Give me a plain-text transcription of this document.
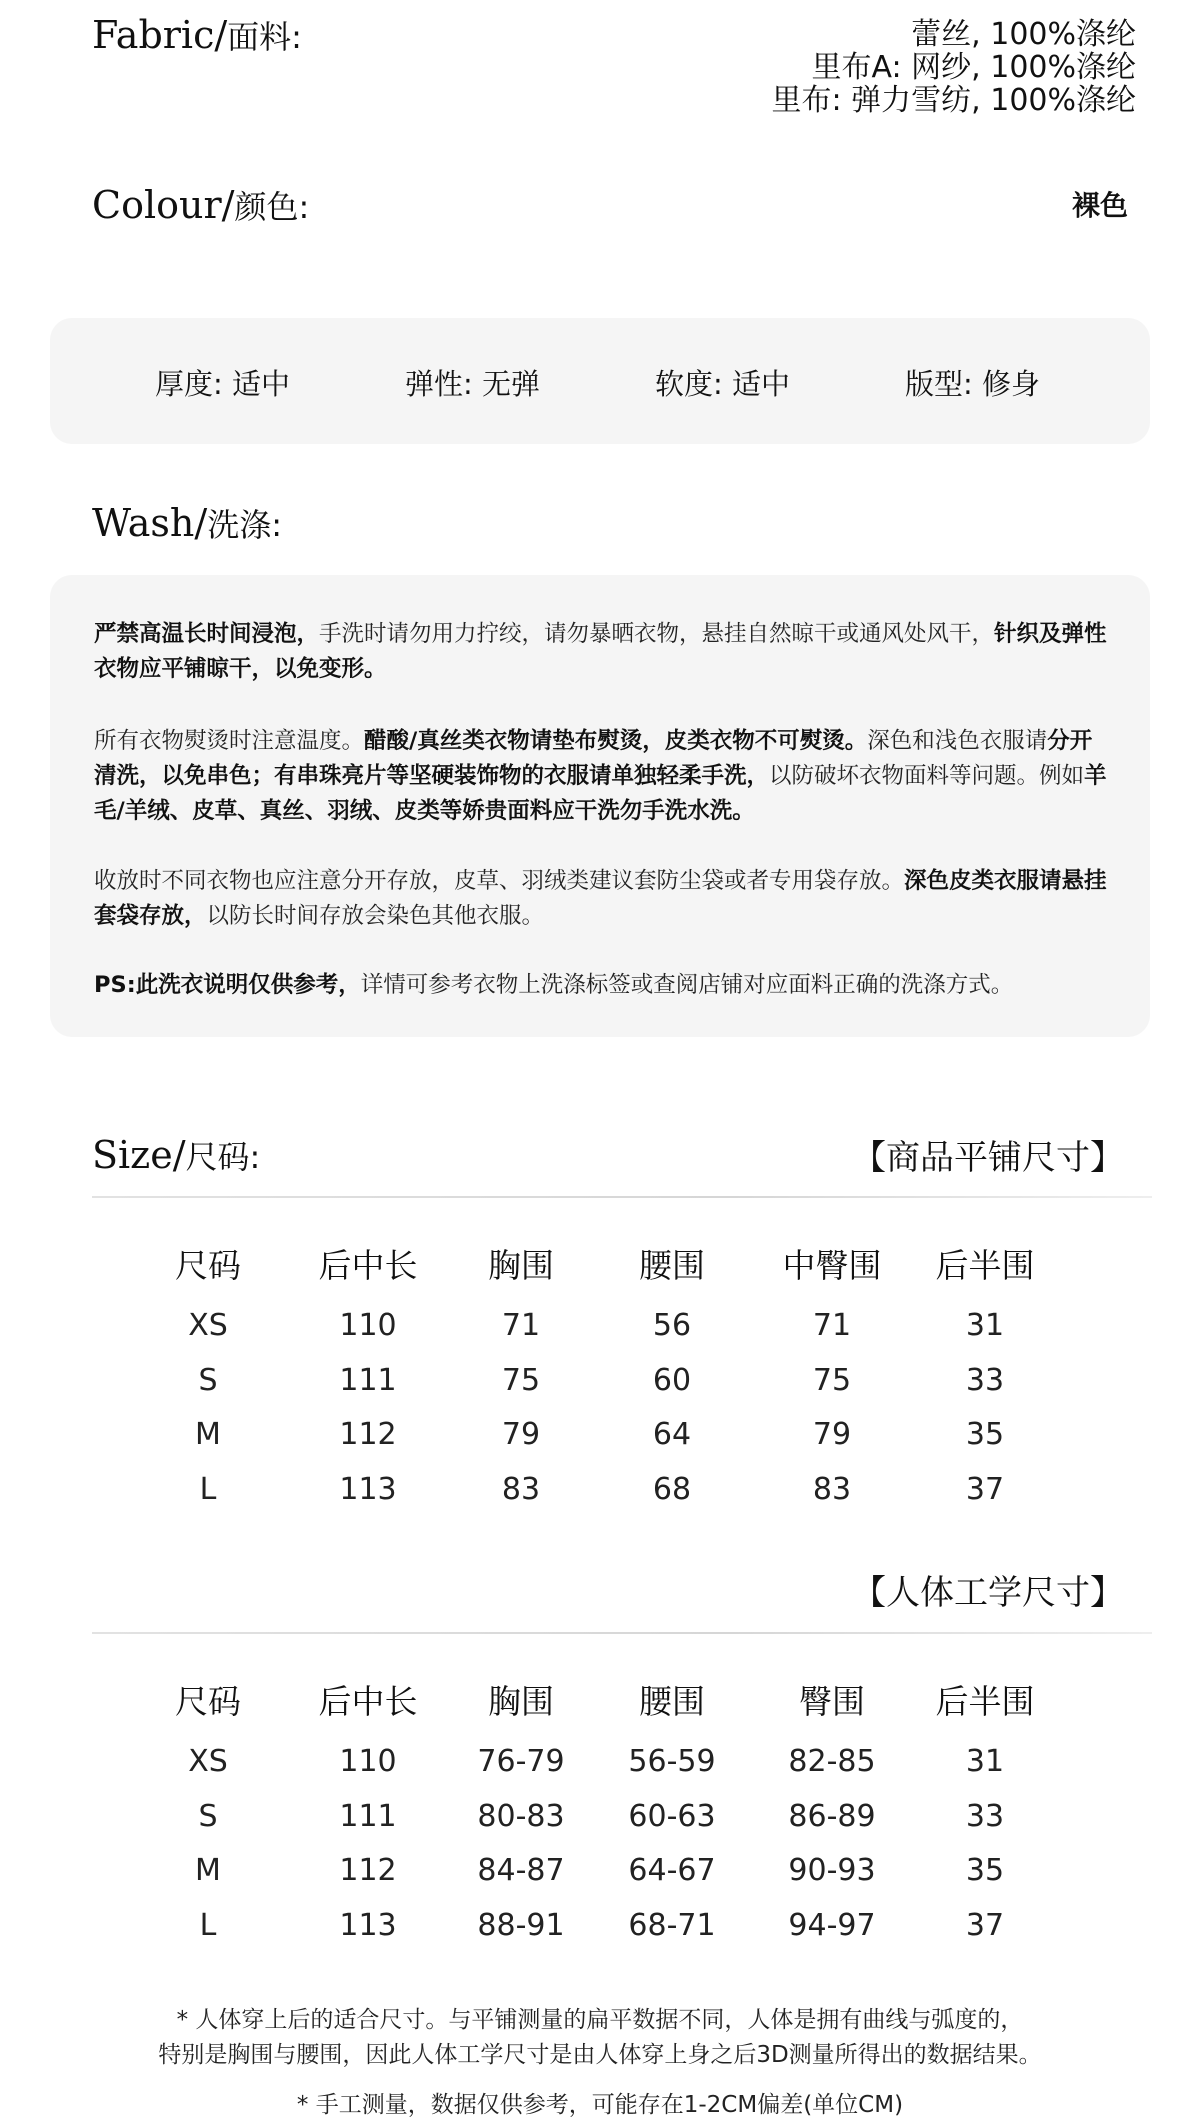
Fabric/面料:	蕾丝, 100%涤纶
里布A: 网纱, 100%涤纶
里布: 弹力雪纺, 100%涤纶
Colour/颜色:	裸色
厚度: 适中	弹性: 无弹	软度: 适中	版型: 修身
Wash/洗涤:

严禁高温长时间浸泡，手洗时请勿用力拧绞，请勿暴晒衣物，悬挂自然晾干或通风处风干，针织及弹性衣物应平铺晾干，以免变形。

所有衣物熨烫时注意温度。醋酸/真丝类衣物请垫布熨烫，皮类衣物不可熨烫。深色和浅色衣服请分开清洗，以免串色；有串珠亮片等坚硬装饰物的衣服请单独轻柔手洗，以防破坏衣物面料等问题。例如羊毛/羊绒、皮草、真丝、羽绒、皮类等娇贵面料应干洗勿手洗水洗。

收放时不同衣物也应注意分开存放，皮草、羽绒类建议套防尘袋或者专用袋存放。深色皮类衣服请悬挂套袋存放，以防长时间存放会染色其他衣服。

PS:此洗衣说明仅供参考，详情可参考衣物上洗涤标签或查阅店铺对应面料正确的洗涤方式。

Size/尺码:	【商品平铺尺寸】
尺码 后中长 胸围	腰围 中臀围 后半围
XS	110	71	56	71	31
S	111	75	60	75	33
M	112	79	64	79	35
L	113	83	68	83	37
【人体工学尺寸】
尺码 后中长 胸围	腰围	臀围 后半围
XS	110	76-79 56-59 82-85	31
S	111	80-83 60-63 86-89	33
M	112	84-87 64-67 90-93	35
L	113	88-91 68-71 94-97	37
* 人体穿上后的适合尺寸。与平铺测量的扁平数据不同，人体是拥有曲线与弧度的，
特别是胸围与腰围，因此人体工学尺寸是由人体穿上身之后3D测量所得出的数据结果。
* 手工测量，数据仅供参考，可能存在1-2CM偏差(单位CM)
